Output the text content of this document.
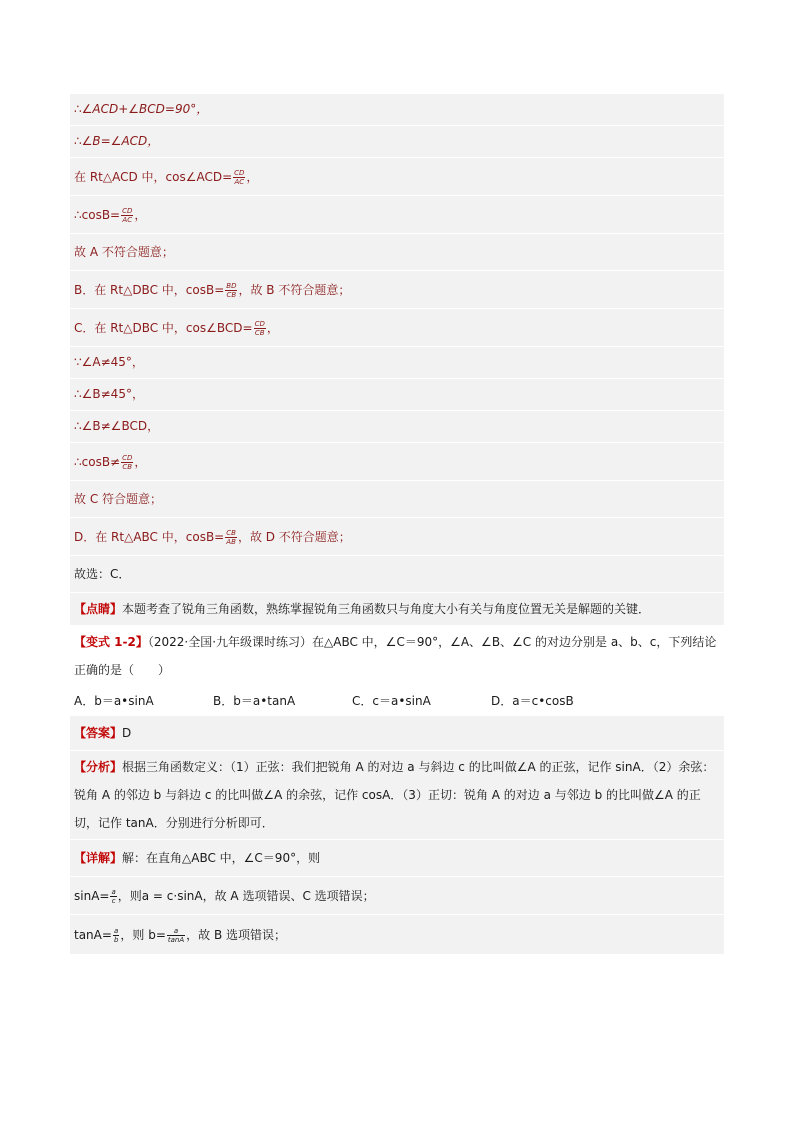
∴∠ACD+∠BCD=90°，
∴∠B=∠ACD，
在 Rt△ACD 中，cos∠ACD= $\frac{CD}{AC}$ ，
∴cosB= $\frac{CD}{AC}$ ，
故 A 不符合题意；
B．在 Rt△DBC 中，$\cos B= \frac{BD}{CB}$ ，故 B 不符合题意；
C．在 Rt△DBC 中，cos∠BCD= $\frac{CD}{CB}$ ，
∵∠A≠45°，
∴∠B≠45°，
∴∠B≠∠BCD，
∴cosB≠ $\frac{CD}{CB}$ ，
故 C 符合题意；
D．在 Rt△ABC 中，$\cos B= \frac{CB}{AB}$ ，故 D 不符合题意；
故选：C．
【点睛】本题考查了锐角三角函数，熟练掌握锐角三角函数只与角度大小有关与角度位置无关是解题的关键．
【变式 1-2】（2022·全国·九年级课时练习）在△ABC 中，∠C＝90°，∠A、∠B、∠C 的对边分别是 a、b、c，下列结论正确的是（　　）
A．b＝a•sinA	B．b＝a•tanA	C．c＝a•sinA	D．a＝c•cosB
【答案】D
【分析】根据三角函数定义：（1）正弦：我们把锐角 A 的对边 a 与斜边 c 的比叫做∠A 的正弦，记作 sinA．（2）余弦：锐角 A 的邻边 b 与斜边 c 的比叫做∠A 的余弦，记作 cosA．（3）正切：锐角 A 的对边 a 与邻边 b 的比叫做∠A 的正切，记作 tanA．分别进行分析即可．
【详解】解：在直角△ABC 中，∠C＝90°，则
$\sin A= \frac{a}{c}$ ，则a = c·sinA，故 A 选项错误、C 选项错误；
$\tan A= \frac{a}{b}$ ，则 $b= \frac{a}{\tan A}$ ，故 B 选项错误；
